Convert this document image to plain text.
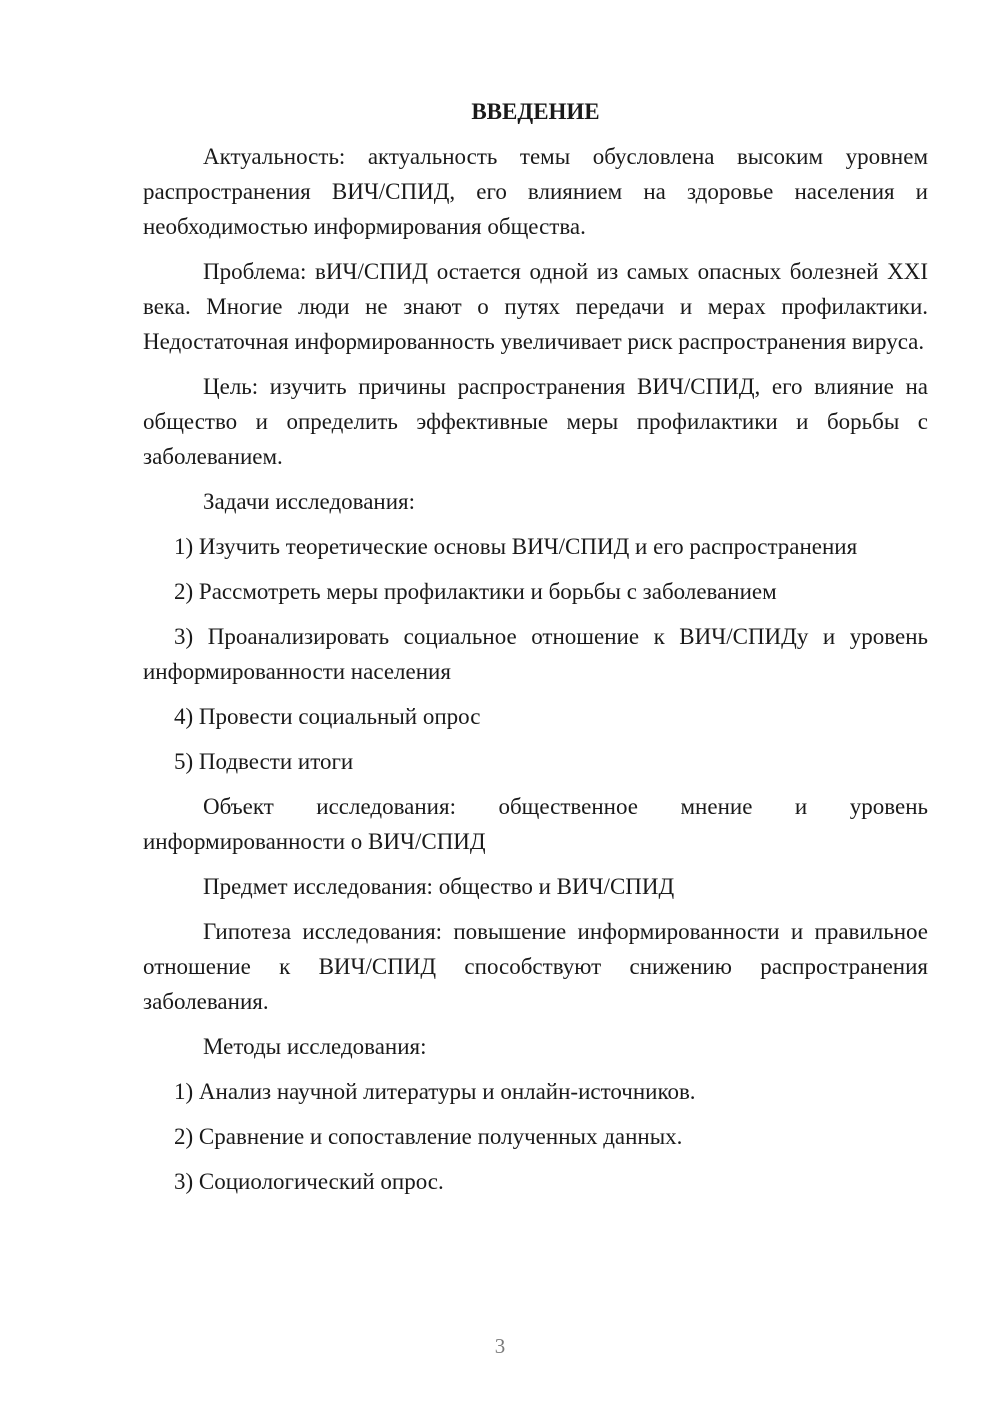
ВВЕДЕНИЕ

Актуальность: актуальность темы обусловлена высоким уровнем распространения ВИЧ/СПИД, его влиянием на здоровье населения и необходимостью информирования общества.

Проблема: вИЧ/СПИД остается одной из самых опасных болезней XXI века. Многие люди не знают о путях передачи и мерах профилактики. Недостаточная информированность увеличивает риск распространения вируса.

Цель: изучить причины распространения ВИЧ/СПИД, его влияние на общество и определить эффективные меры профилактики и борьбы с заболеванием.

Задачи исследования:

1) Изучить теоретические основы ВИЧ/СПИД и его распространения

2) Рассмотреть меры профилактики и борьбы с заболеванием

3) Проанализировать социальное отношение к ВИЧ/СПИДу и уровень информированности населения

4) Провести социальный опрос

5) Подвести итоги

Объект исследования: общественное мнение и уровень информированности о ВИЧ/СПИД

Предмет исследования: общество и ВИЧ/СПИД

Гипотеза исследования: повышение информированности и правильное отношение к ВИЧ/СПИД способствуют снижению распространения заболевания.

Методы исследования:

1) Анализ научной литературы и онлайн-источников.

2) Сравнение и сопоставление полученных данных.

3) Социологический опрос.

3
